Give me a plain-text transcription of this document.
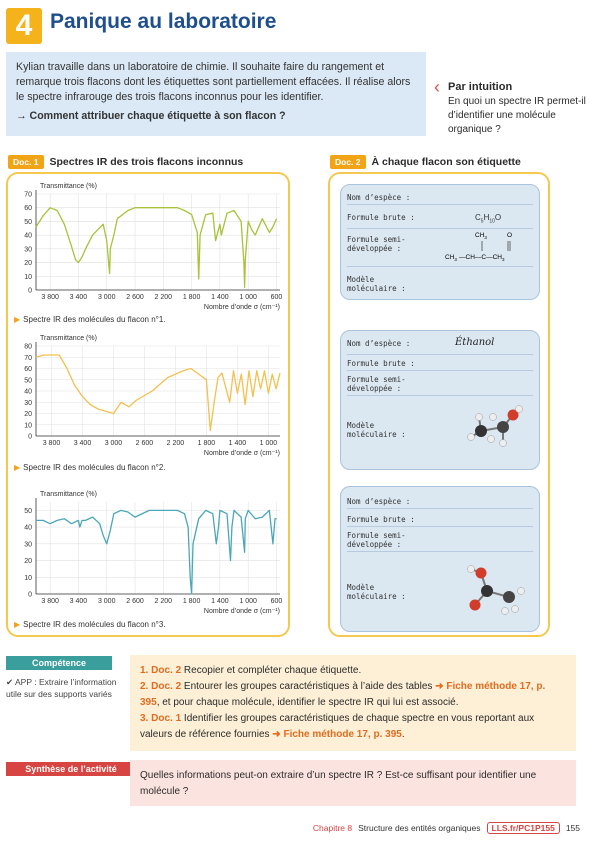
4 Panique au laboratoire
Kylian travaille dans un laboratoire de chimie. Il souhaite faire du rangement et remarque trois flacons dont les étiquettes sont partiellement effacées. Il réalise alors le spectre infrarouge des trois flacons inconnus pour les identifier.
→ Comment attribuer chaque étiquette à son flacon ?
‹ Par intuition
En quoi un spectre IR permet-il d’identifier une molécule organique ?
Doc. 1	Spectres IR des trois flacons inconnus	Doc. 2	À chaque flacon son étiquette
Transmittance (%)
0
10
20
30
40
50
60
70
3 800 3 400 3 000 2 600 2 200 1 800 1 400 1 000 600
Nombre d’onde σ (cm⁻¹)
▶ Spectre IR des molécules du flacon n°1.
Transmittance (%)
0
10
20
30
40
50
60
70
80
3 800 3 400 3 000 2 600 2 200 1 800 1 400 1 000
Nombre d’onde σ (cm⁻¹)
▶ Spectre IR des molécules du flacon n°2.
Transmittance (%)
0
10
20
30
40
50
3 800 3 400 3 000 2 600 2 200 1 800 1 400 1 000 600
Nombre d’onde σ (cm⁻¹)
▶ Spectre IR des molécules du flacon n°3.
Nom d’espèce :
Formule brute :	$C_5H_{10}O$
Formule semi-
développée :
$CH_3$	O
$CH_3$ $—CH—C—CH_3$
Modèle
moléculaire :
Nom d’espèce :	Éthanol
Formule brute :
Formule semi-
développée :
Modèle
moléculaire :
Nom d’espèce :
Formule brute :
Formule semi-
développée :
Modèle
moléculaire :
Compétence
✔ APP : Extraire l’information utile sur des supports variés
1. Doc. 2 Recopier et compléter chaque étiquette.
2. Doc. 2 Entourer les groupes caractéristiques à l’aide des tables ➜ Fiche méthode 17, p. 395, et pour chaque molécule, identifier le spectre IR qui lui est associé.
3. Doc. 1 Identifier les groupes caractéristiques de chaque spectre en vous reportant aux valeurs de référence fournies ➜ Fiche méthode 17, p. 395.
Synthèse de l’activité
Quelles informations peut-on extraire d’un spectre IR ? Est-ce suffisant pour identifier une molécule ?
Chapitre 8 Structure des entités organiques	LLS.fr/PC1P155	155
